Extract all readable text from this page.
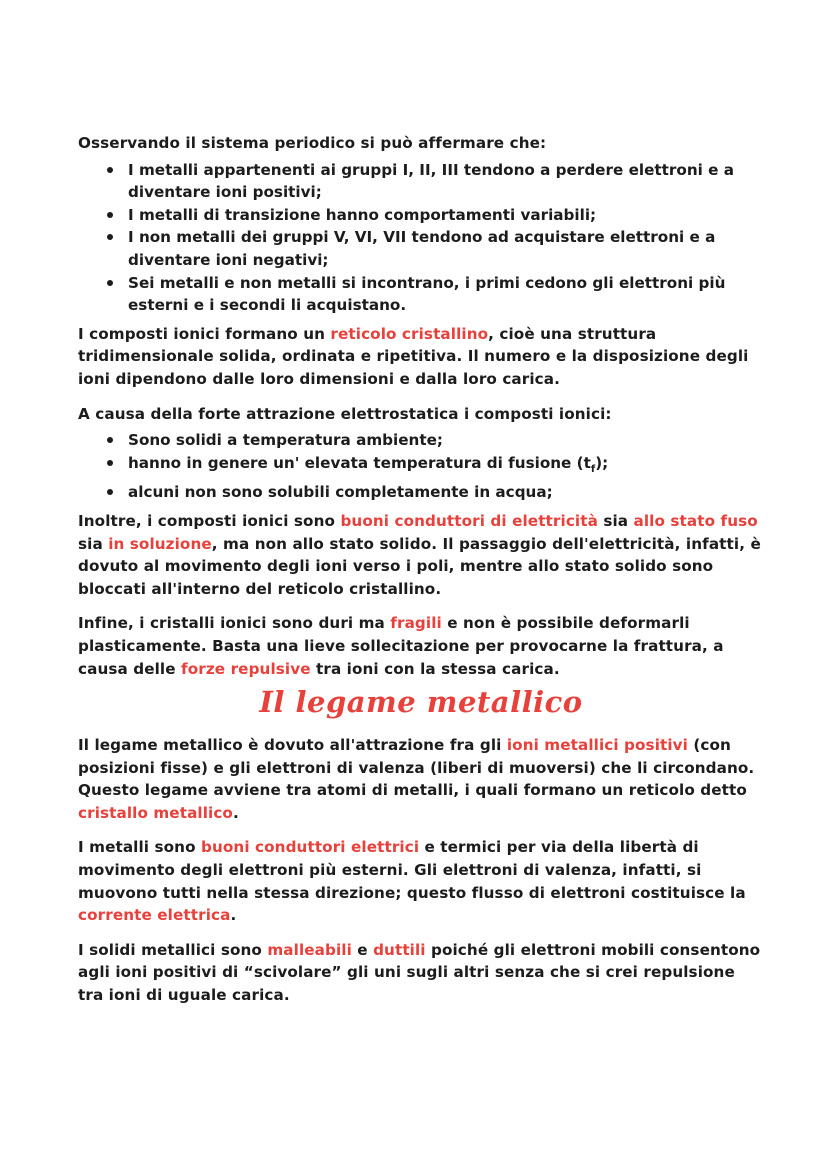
Osservando il sistema periodico si può affermare che:

I metalli appartenenti ai gruppi I, II, III tendono a perdere elettroni e a diventare ioni positivi;
I metalli di transizione hanno comportamenti variabili;
I non metalli dei gruppi V, VI, VII tendono ad acquistare elettroni e a diventare ioni negativi;
Sei metalli e non metalli si incontrano, i primi cedono gli elettroni più esterni e i secondi li acquistano.

I composti ionici formano un reticolo cristallino, cioè una struttura tridimensionale solida, ordinata e ripetitiva. Il numero e la disposizione degli ioni dipendono dalle loro dimensioni e dalla loro carica.

A causa della forte attrazione elettrostatica i composti ionici:

Sono solidi a temperatura ambiente;
hanno in genere un' elevata temperatura di fusione $(t_f)$;
alcuni non sono solubili completamente in acqua;

Inoltre, i composti ionici sono buoni conduttori di elettricità sia allo stato fuso sia in soluzione, ma non allo stato solido. Il passaggio dell'elettricità, infatti, è dovuto al movimento degli ioni verso i poli, mentre allo stato solido sono bloccati all'interno del reticolo cristallino.

Infine, i cristalli ionici sono duri ma fragili e non è possibile deformarli plasticamente. Basta una lieve sollecitazione per provocarne la frattura, a causa delle forze repulsive tra ioni con la stessa carica.

Il legame metallico

Il legame metallico è dovuto all'attrazione fra gli ioni metallici positivi (con posizioni fisse) e gli elettroni di valenza (liberi di muoversi) che li circondano. Questo legame avviene tra atomi di metalli, i quali formano un reticolo detto cristallo metallico.

I metalli sono buoni conduttori elettrici e termici per via della libertà di movimento degli elettroni più esterni. Gli elettroni di valenza, infatti, si muovono tutti nella stessa direzione; questo flusso di elettroni costituisce la corrente elettrica.

I solidi metallici sono malleabili e duttili poiché gli elettroni mobili consentono agli ioni positivi di “scivolare” gli uni sugli altri senza che si crei repulsione tra ioni di uguale carica.
